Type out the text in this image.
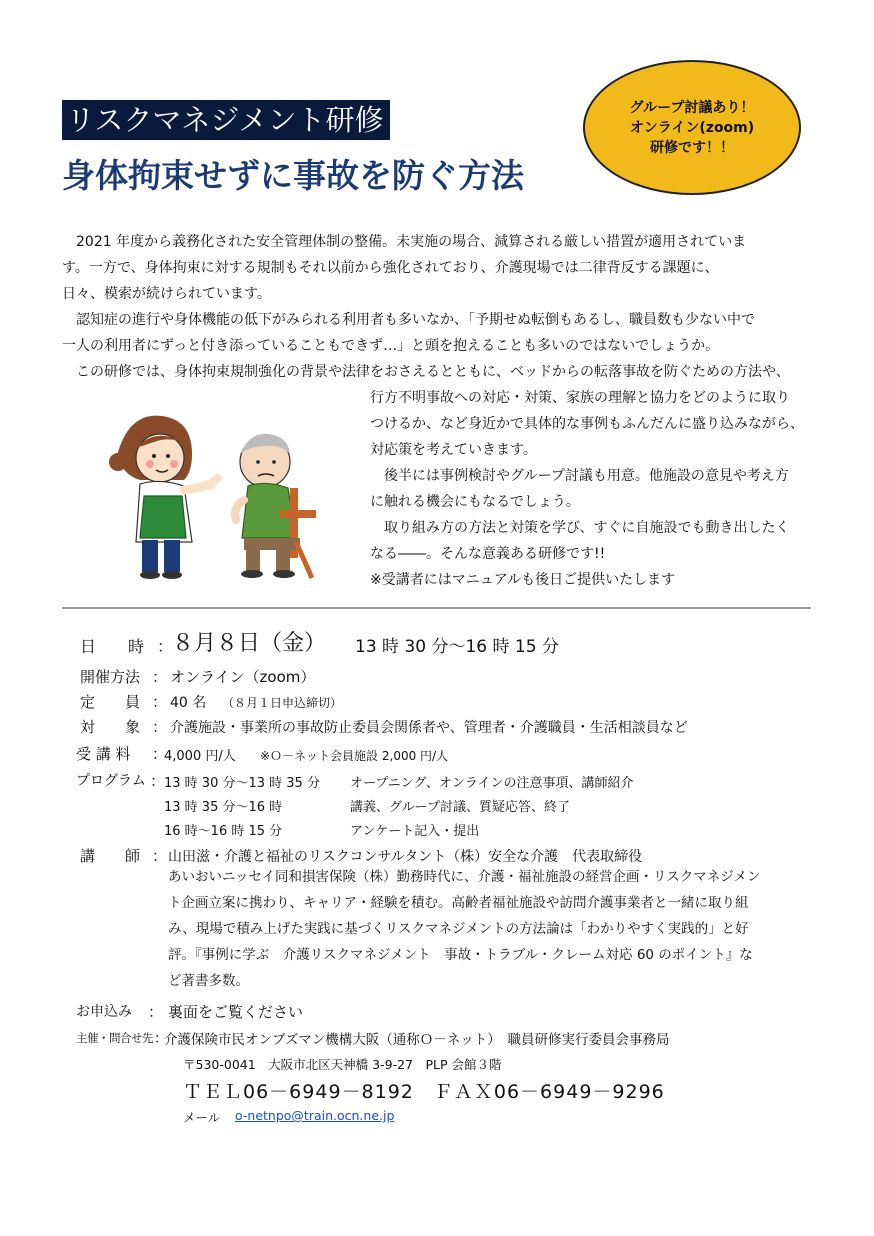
リスクマネジメント研修
身体拘束せずに事故を防ぐ方法
グループ討議あり！
オンライン(zoom)
研修です！！
　2021 年度から義務化された安全管理体制の整備。未実施の場合、減算される厳しい措置が適用されていま
す。一方で、身体拘束に対する規制もそれ以前から強化されており、介護現場では二律背反する課題に、
日々、模索が続けられています。
　認知症の進行や身体機能の低下がみられる利用者も多いなか、「予期せぬ転倒もあるし、職員数も少ない中で
一人の利用者にずっと付き添っていることもできず…」と頭を抱えることも多いのではないでしょうか。
　この研修では、身体拘束規制強化の背景や法律をおさえるとともに、ベッドからの転落事故を防ぐための方法や、
行方不明事故への対応・対策、家族の理解と協力をどのように取り
つけるか、など身近かで具体的な事例もふんだんに盛り込みながら、
対応策を考えていきます。
　後半には事例検討やグループ討議も用意。他施設の意見や考え方
に触れる機会にもなるでしょう。
　取り組み方の方法と対策を学び、すぐに自施設でも動き出したく
なる――。そんな意義ある研修です!!
※受講者にはマニュアルも後日ご提供いたします
日　　時 ：
８月８日（金） 13 時 30 分〜16 時 15 分
開催方法 ： オンライン（zoom）
定　　員 ： 40 名 （８月１日申込締切）
対　　象 ： 介護施設・事業所の事故防止委員会関係者や、管理者・介護職員・生活相談員など
受 講 料 ：
4,000 円/人 ※Ｏ－ネット会員施設 2,000 円/人
プログラム ：
13 時 30 分〜13 時 35 分 オープニング、オンラインの注意事項、講師紹介
13 時 35 分〜16 時	講義、グループ討議、質疑応答、終了
16 時〜16 時 15 分	アンケート記入・提出
講　　師 ： 山田滋・介護と福祉のリスクコンサルタント（株）安全な介護　代表取締役
あいおいニッセイ同和損害保険（株）勤務時代に、介護・福祉施設の経営企画・リスクマネジメン
ト企画立案に携わり、キャリア・経験を積む。高齢者福祉施設や訪問介護事業者と一緒に取り組
み、現場で積み上げた実践に基づくリスクマネジメントの方法論は「わかりやすく実践的」と好
評。『事例に学ぶ　介護リスクマネジメント　事故・トラブル・クレーム対応 60 のポイント』な
ど著書多数。
お申込み ： 裏面をご覧ください
主催・問合せ先 ：
介護保険市民オンブズマン機構大阪（通称Ｏ－ネット）　職員研修実行委員会事務局
〒530-0041　大阪市北区天神橋 3-9-27　PLP 会館３階
ＴＥＬ06－6949－8192　ＦＡＸ06－6949－9296
メール o-netnpo@train.ocn.ne.jp
